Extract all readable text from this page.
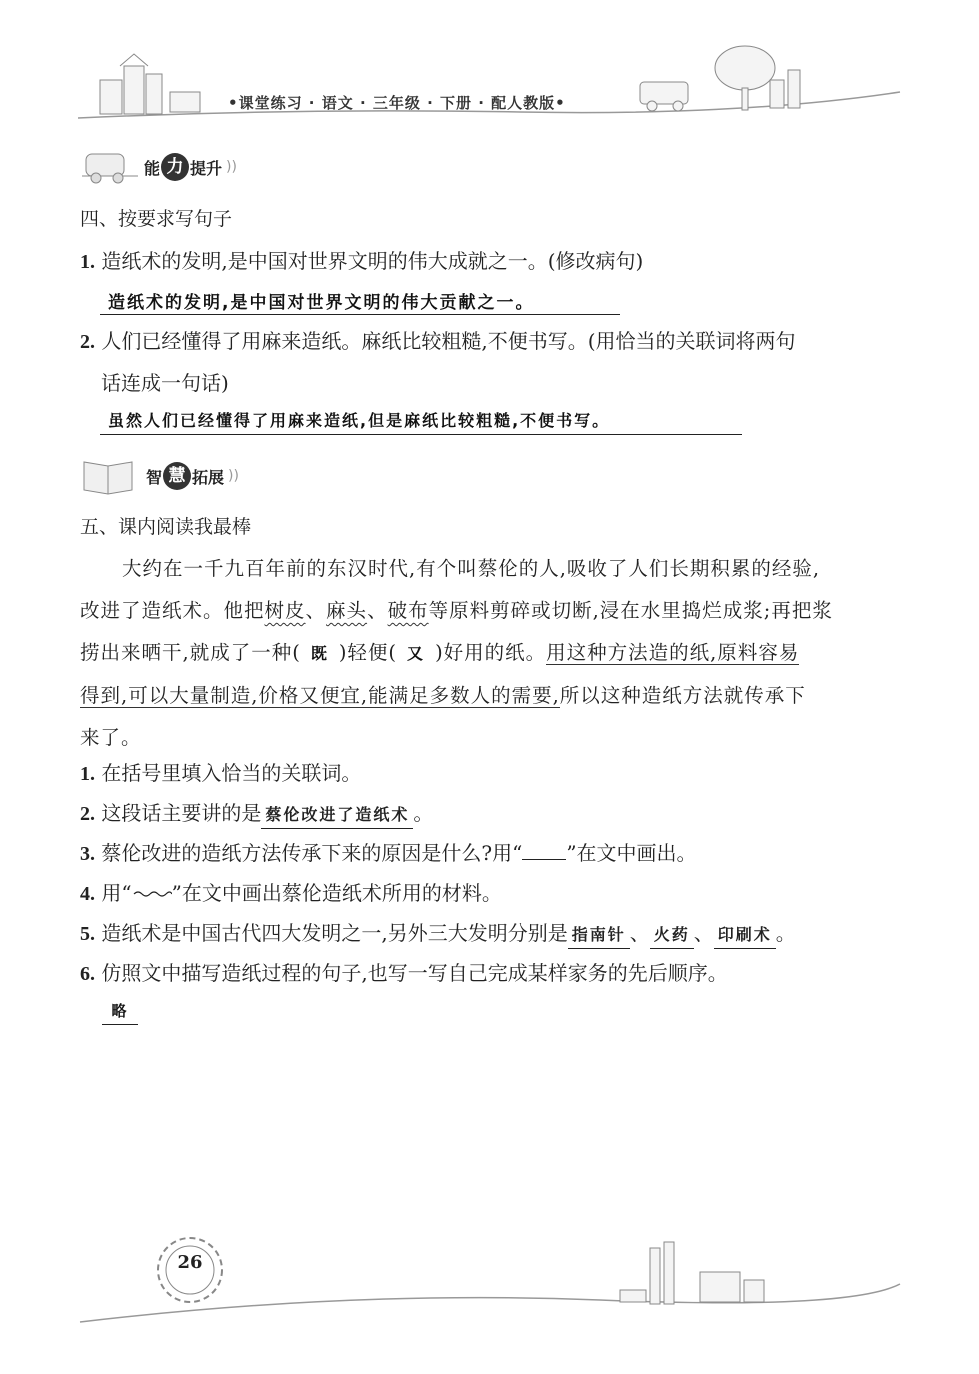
•课堂练习 · 语文 · 三年级 · 下册 · 配人教版•
能 力 提升 ))
四、按要求写句子
1. 造纸术的发明,是中国对世界文明的伟大成就之一。(修改病句)
造纸术的发明,是中国对世界文明的伟大贡献之一。
2. 人们已经懂得了用麻来造纸。麻纸比较粗糙,不便书写。(用恰当的关联词将两句
话连成一句话)
虽然人们已经懂得了用麻来造纸,但是麻纸比较粗糙,不便书写。
智 慧 拓展 ))
五、课内阅读我最棒
大约在一千九百年前的东汉时代,有个叫蔡伦的人,吸收了人们长期积累的经验,
改进了造纸术。他把树皮、麻头、破布等原料剪碎或切断,浸在水里捣烂成浆;再把浆
捞出来晒干,就成了一种( 既 )轻便( 又 )好用的纸。用这种方法造的纸,原料容易
得到,可以大量制造,价格又便宜,能满足多数人的需要,所以这种造纸方法就传承下
来了。
1. 在括号里填入恰当的关联词。
2. 这段话主要讲的是 蔡伦改进了造纸术 。
3. 蔡伦改进的造纸方法传承下来的原因是什么?用“ ”在文中画出。
4. 用“ ”在文中画出蔡伦造纸术所用的材料。
5. 造纸术是中国古代四大发明之一,另外三大发明分别是 指南针 、 火药 、 印刷术 。
6. 仿照文中描写造纸过程的句子,也写一写自己完成某样家务的先后顺序。
略
26
